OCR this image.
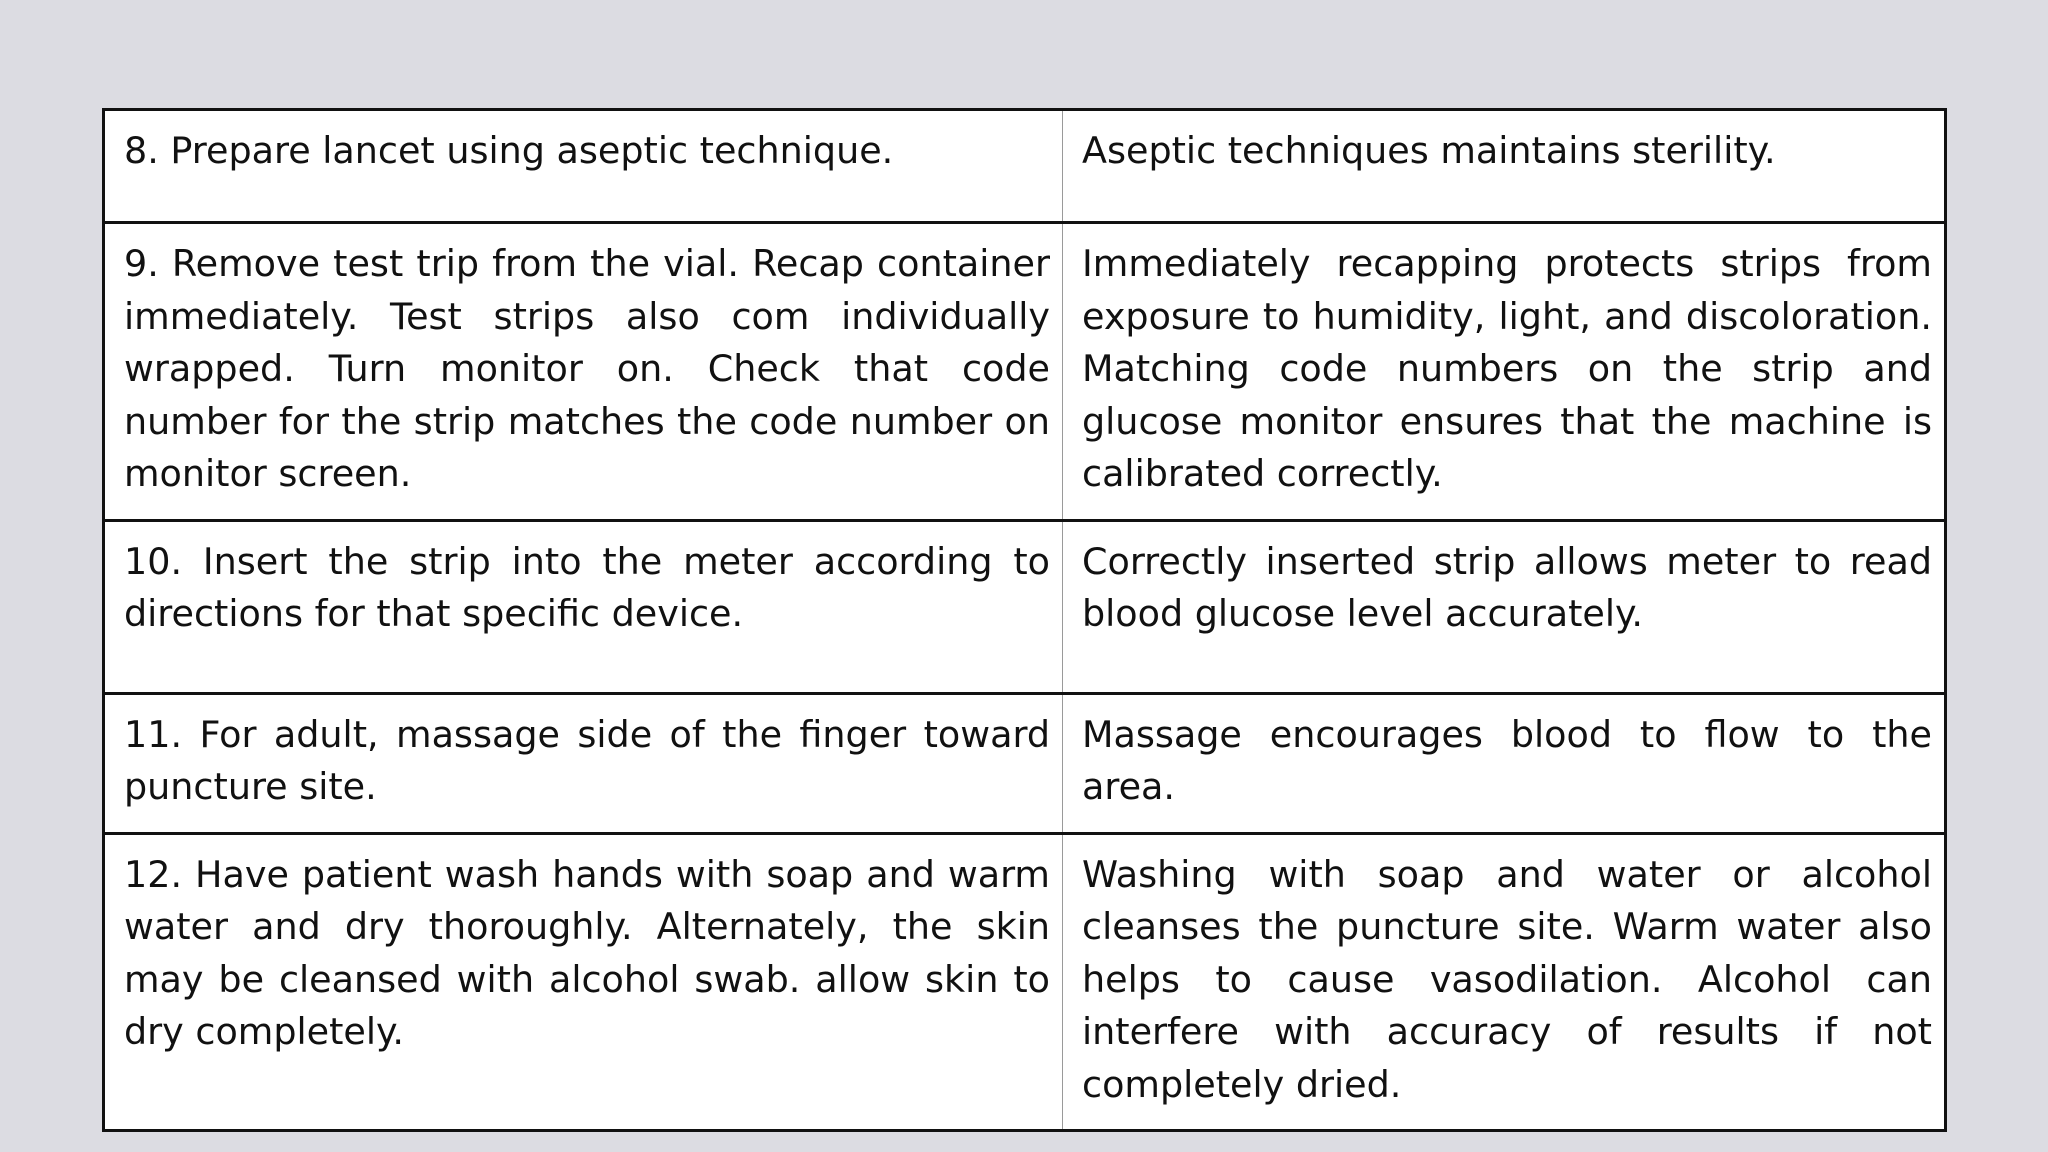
8. Prepare lancet using aseptic technique.	Aseptic techniques maintains sterility.
9. Remove test trip from the vial. Recap container immediately. Test strips also com individually wrapped. Turn monitor on. Check that code number for the strip matches the code number on monitor screen.	Immediately recapping protects strips from exposure to humidity, light, and discoloration. Matching code numbers on the strip and glucose monitor ensures that the machine is calibrated correctly.
10. Insert the strip into the meter according to directions for that specific device.	Correctly inserted strip allows meter to read blood glucose level accurately.
11. For adult, massage side of the finger toward puncture site.	Massage encourages blood to flow to the area.
12. Have patient wash hands with soap and warm water and dry thoroughly. Alternately, the skin may be cleansed with alcohol swab. allow skin to dry completely.	Washing with soap and water or alcohol cleanses the puncture site. Warm water also helps to cause vasodilation. Alcohol can interfere with accuracy of results if not completely dried.
